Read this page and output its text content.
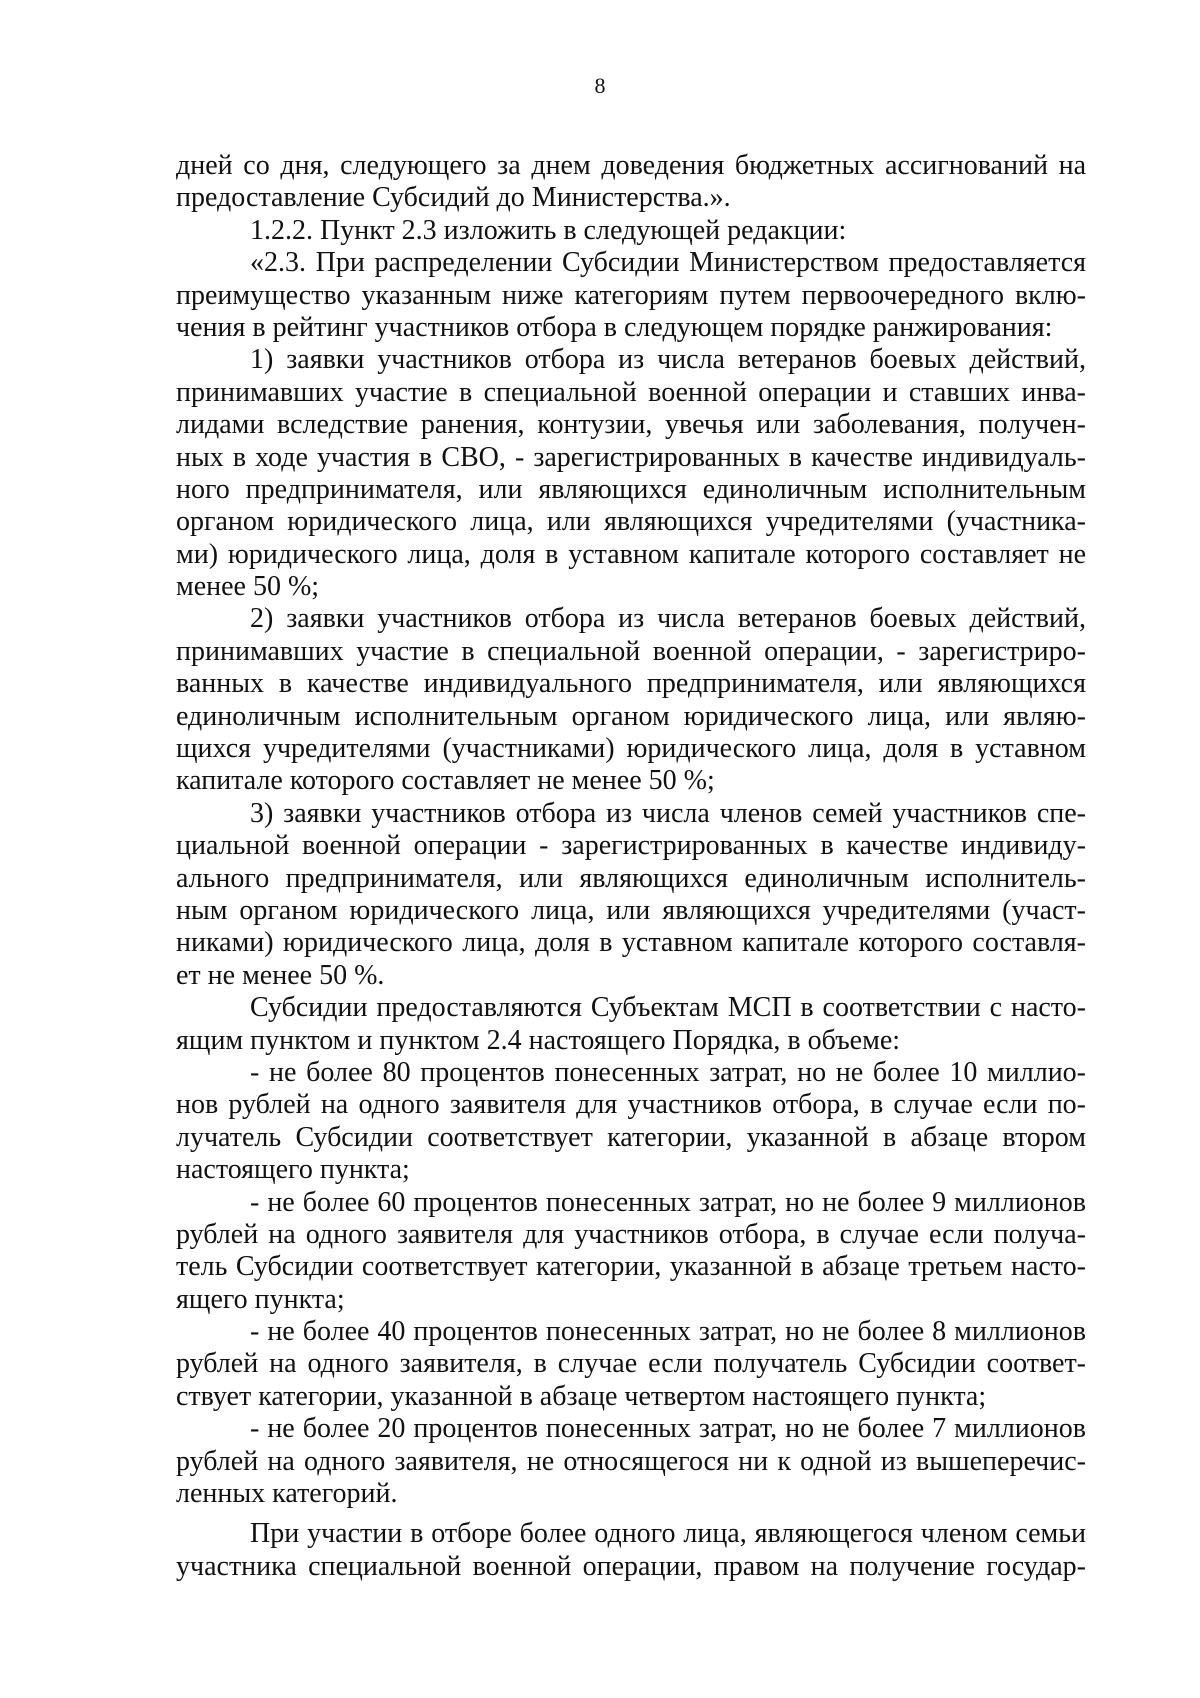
8
дней со дня, следующего за днем доведения бюджетных ассигнований на
предоставление Субсидий до Министерства.».
1.2.2. Пункт 2.3 изложить в следующей редакции:
«2.3. При распределении Субсидии Министерством предоставляется
преимущество указанным ниже категориям путем первоочередного вклю-
чения в рейтинг участников отбора в следующем порядке ранжирования:
1) заявки участников отбора из числа ветеранов боевых действий,
принимавших участие в специальной военной операции и ставших инва-
лидами вследствие ранения, контузии, увечья или заболевания, получен-
ных в ходе участия в СВО, - зарегистрированных в качестве индивидуаль-
ного предпринимателя, или являющихся единоличным исполнительным
органом юридического лица, или являющихся учредителями (участника-
ми) юридического лица, доля в уставном капитале которого составляет не
менее 50 %;
2) заявки участников отбора из числа ветеранов боевых действий,
принимавших участие в специальной военной операции, - зарегистриро-
ванных в качестве индивидуального предпринимателя, или являющихся
единоличным исполнительным органом юридического лица, или являю-
щихся учредителями (участниками) юридического лица, доля в уставном
капитале которого составляет не менее 50 %;
3) заявки участников отбора из числа членов семей участников спе-
циальной военной операции - зарегистрированных в качестве индивиду-
ального предпринимателя, или являющихся единоличным исполнитель-
ным органом юридического лица, или являющихся учредителями (участ-
никами) юридического лица, доля в уставном капитале которого составля-
ет не менее 50 %.
Субсидии предоставляются Субъектам МСП в соответствии с насто-
ящим пунктом и пунктом 2.4 настоящего Порядка, в объеме:
- не более 80 процентов понесенных затрат, но не более 10 миллио-
нов рублей на одного заявителя для участников отбора, в случае если по-
лучатель Субсидии соответствует категории, указанной в абзаце втором
настоящего пункта;
- не более 60 процентов понесенных затрат, но не более 9 миллионов
рублей на одного заявителя для участников отбора, в случае если получа-
тель Субсидии соответствует категории, указанной в абзаце третьем насто-
ящего пункта;
- не более 40 процентов понесенных затрат, но не более 8 миллионов
рублей на одного заявителя, в случае если получатель Субсидии соответ-
ствует категории, указанной в абзаце четвертом настоящего пункта;
- не более 20 процентов понесенных затрат, но не более 7 миллионов
рублей на одного заявителя, не относящегося ни к одной из вышеперечис-
ленных категорий.
При участии в отборе более одного лица, являющегося членом семьи
участника специальной военной операции, правом на получение государ-
